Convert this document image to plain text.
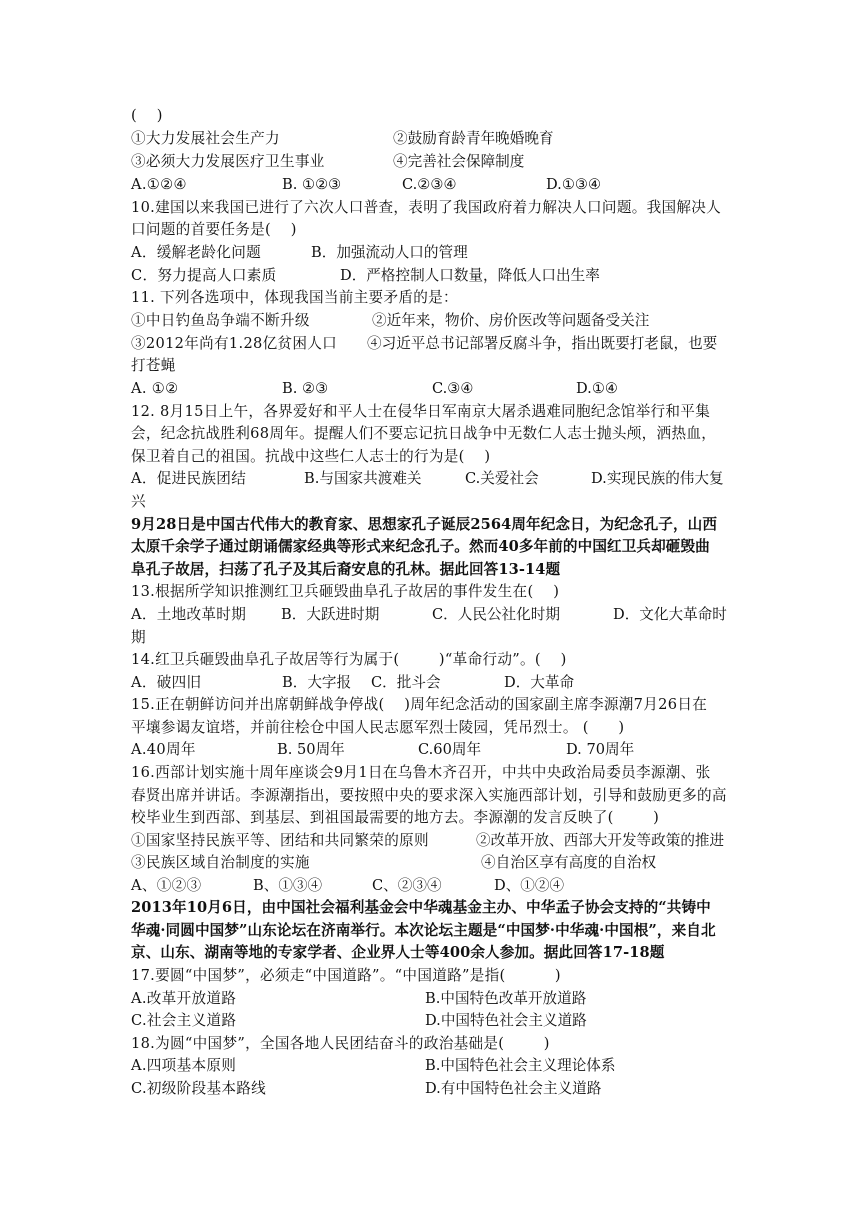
(    )
①大力发展社会生产力	②鼓励育龄青年晚婚晚育
③必须大力发展医疗卫生事业	④完善社会保障制度
A.①②④	B. ①②③	C.②③④	D.①③④
10.建国以来我国已进行了六次人口普查，表明了我国政府着力解决人口问题。我国解决人
口问题的首要任务是(    )
A．缓解老龄化问题	B．加强流动人口的管理
C．努力提高人口素质	D．严格控制人口数量，降低人口出生率
11. 下列各选项中，体现我国当前主要矛盾的是：
①中日钓鱼岛争端不断升级	②近年来，物价、房价医改等问题备受关注
③2012年尚有1.28亿贫困人口 ④习近平总书记部署反腐斗争，指出既要打老鼠，也要
打苍蝇
A. ①②	B. ②③	C.③④	D.①④
12. 8月15日上午，各界爱好和平人士在侵华日军南京大屠杀遇难同胞纪念馆举行和平集
会，纪念抗战胜利68周年。提醒人们不要忘记抗日战争中无数仁人志士抛头颅，洒热血，
保卫着自己的祖国。抗战中这些仁人志士的行为是(    )
A．促进民族团结	B.与国家共渡难关	C.关爱社会	D.实现民族的伟大复
兴
9月28日是中国古代伟大的教育家、思想家孔子诞辰2564周年纪念日，为纪念孔子，山西
太原千余学子通过朗诵儒家经典等形式来纪念孔子。然而40多年前的中国红卫兵却砸毁曲
阜孔子故居，扫荡了孔子及其后裔安息的孔林。据此回答13-14题
13.根据所学知识推测红卫兵砸毁曲阜孔子故居的事件发生在(    )
A．土地改革时期 B．大跃进时期	C．人民公社化时期	D．文化大革命时
期
14.红卫兵砸毁曲阜孔子故居等行为属于(        )“革命行动”。(    )
A．破四旧	B．大字报 C．批斗会	D．大革命
15.正在朝鲜访问并出席朝鲜战争停战(    )周年纪念活动的国家副主席李源潮7月26日在
平壤参谒友谊塔，并前往桧仓中国人民志愿军烈士陵园，凭吊烈士。 (      )
A.40周年	B. 50周年	C.60周年	D. 70周年
16.西部计划实施十周年座谈会9月1日在乌鲁木齐召开，中共中央政治局委员李源潮、张
春贤出席并讲话。李源潮指出，要按照中央的要求深入实施西部计划，引导和鼓励更多的高
校毕业生到西部、到基层、到祖国最需要的地方去。李源潮的发言反映了(        )
①国家坚持民族平等、团结和共同繁荣的原则	②改革开放、西部大开发等政策的推进
③民族区域自治制度的实施	④自治区享有高度的自治权
A、①②③	B、①③④	C、②③④	D、①②④
2013年10月6日，由中国社会福利基金会中华魂基金主办、中华孟子协会支持的“共铸中
华魂·同圆中国梦”山东论坛在济南举行。本次论坛主题是“中国梦·中华魂·中国根”，来自北
京、山东、湖南等地的专家学者、企业界人士等400余人参加。据此回答17-18题
17.要圆“中国梦”，必须走“中国道路”。“中国道路”是指(          )
A.改革开放道路	B.中国特色改革开放道路
C.社会主义道路	D.中国特色社会主义道路
18.为圆“中国梦”，全国各地人民团结奋斗的政治基础是(        )
A.四项基本原则	B.中国特色社会主义理论体系
C.初级阶段基本路线	D.有中国特色社会主义道路
